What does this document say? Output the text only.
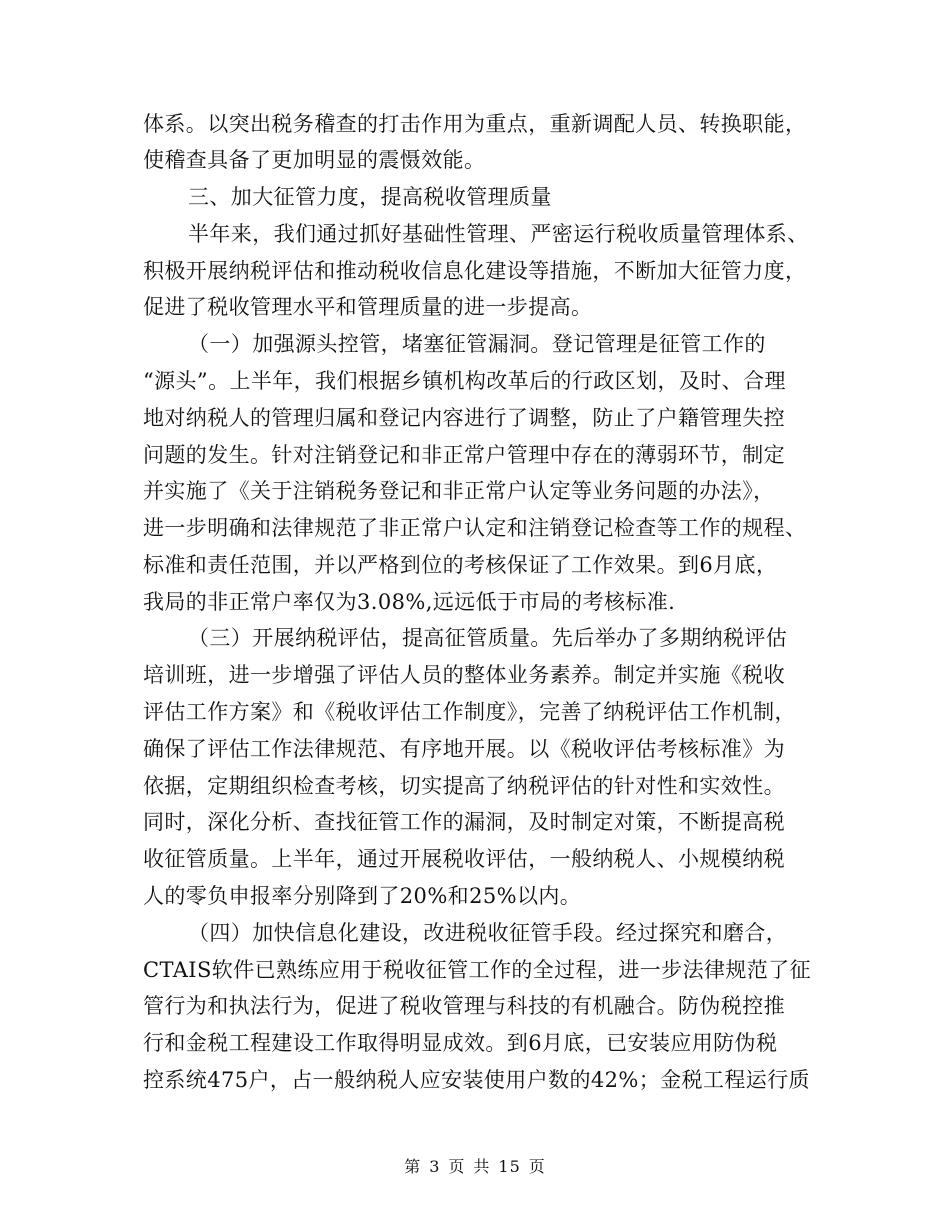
体系。以突出税务稽查的打击作用为重点，重新调配人员、转换职能，
使稽查具备了更加明显的震慑效能。
三、加大征管力度，提高税收管理质量
半年来，我们通过抓好基础性管理、严密运行税收质量管理体系、
积极开展纳税评估和推动税收信息化建设等措施，不断加大征管力度，
促进了税收管理水平和管理质量的进一步提高。
（一）加强源头控管，堵塞征管漏洞。登记管理是征管工作的
“源头”。上半年，我们根据乡镇机构改革后的行政区划，及时、合理
地对纳税人的管理归属和登记内容进行了调整，防止了户籍管理失控
问题的发生。针对注销登记和非正常户管理中存在的薄弱环节，制定
并实施了《关于注销税务登记和非正常户认定等业务问题的办法》，
进一步明确和法律规范了非正常户认定和注销登记检查等工作的规程、
标准和责任范围，并以严格到位的考核保证了工作效果。到6月底，
我局的非正常户率仅为3.08%,远远低于市局的考核标准.
（三）开展纳税评估，提高征管质量。先后举办了多期纳税评估
培训班，进一步增强了评估人员的整体业务素养。制定并实施《税收
评估工作方案》和《税收评估工作制度》，完善了纳税评估工作机制，
确保了评估工作法律规范、有序地开展。以《税收评估考核标准》为
依据，定期组织检查考核，切实提高了纳税评估的针对性和实效性。
同时，深化分析、查找征管工作的漏洞，及时制定对策，不断提高税
收征管质量。上半年，通过开展税收评估，一般纳税人、小规模纳税
人的零负申报率分别降到了20%和25%以内。
（四）加快信息化建设，改进税收征管手段。经过探究和磨合，
CTAIS软件已熟练应用于税收征管工作的全过程，进一步法律规范了征
管行为和执法行为，促进了税收管理与科技的有机融合。防伪税控推
行和金税工程建设工作取得明显成效。到6月底，已安装应用防伪税
控系统475户，占一般纳税人应安装使用户数的42%；金税工程运行质
第 3 页 共 15 页
